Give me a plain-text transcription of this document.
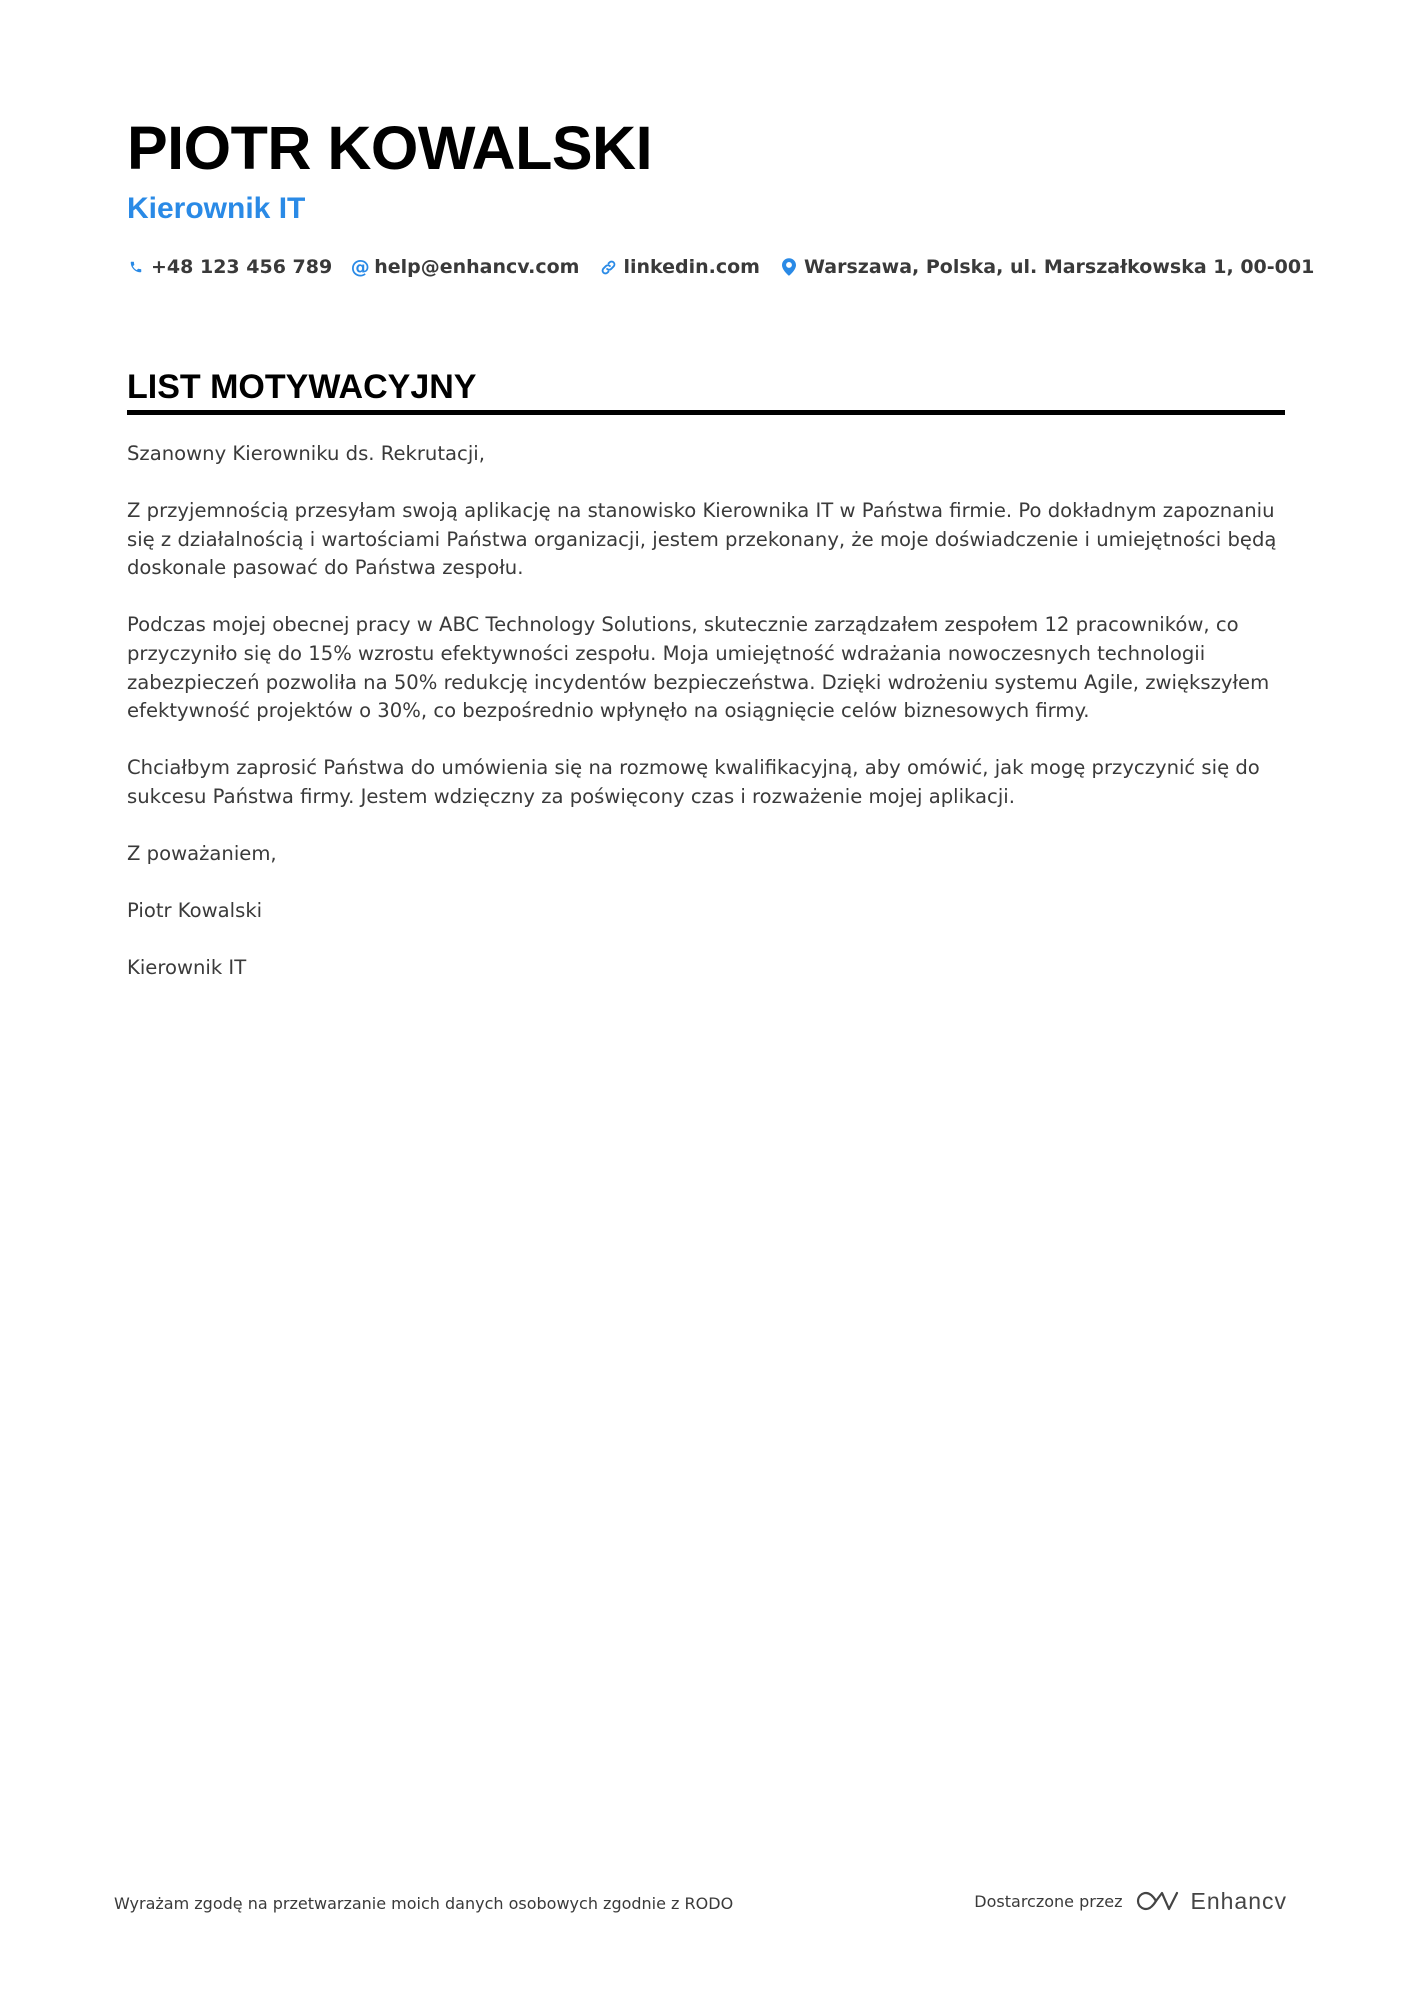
PIOTR KOWALSKI
Kierownik IT
+48 123 456 789 @ help@enhancv.com linkedin.com Warszawa, Polska, ul. Marszałkowska 1, 00-001
LIST MOTYWACYJNY

Szanowny Kierowniku ds. Rekrutacji,

Z przyjemnością przesyłam swoją aplikację na stanowisko Kierownika IT w Państwa firmie. Po dokładnym zapoznaniu się z działalnością i wartościami Państwa organizacji, jestem przekonany, że moje doświadczenie i umiejętności będą doskonale pasować do Państwa zespołu.

Podczas mojej obecnej pracy w ABC Technology Solutions, skutecznie zarządzałem zespołem 12 pracowników, co przyczyniło się do 15% wzrostu efektywności zespołu. Moja umiejętność wdrażania nowoczesnych technologii zabezpieczeń pozwoliła na 50% redukcję incydentów bezpieczeństwa. Dzięki wdrożeniu systemu Agile, zwiększyłem efektywność projektów o 30%, co bezpośrednio wpłynęło na osiągnięcie celów biznesowych firmy.

Chciałbym zaprosić Państwa do umówienia się na rozmowę kwalifikacyjną, aby omówić, jak mogę przyczynić się do sukcesu Państwa firmy. Jestem wdzięczny za poświęcony czas i rozważenie mojej aplikacji.

Z poważaniem,

Piotr Kowalski

Kierownik IT

Wyrażam zgodę na przetwarzanie moich danych osobowych zgodnie z RODO	Dostarczone przez	Enhancv
